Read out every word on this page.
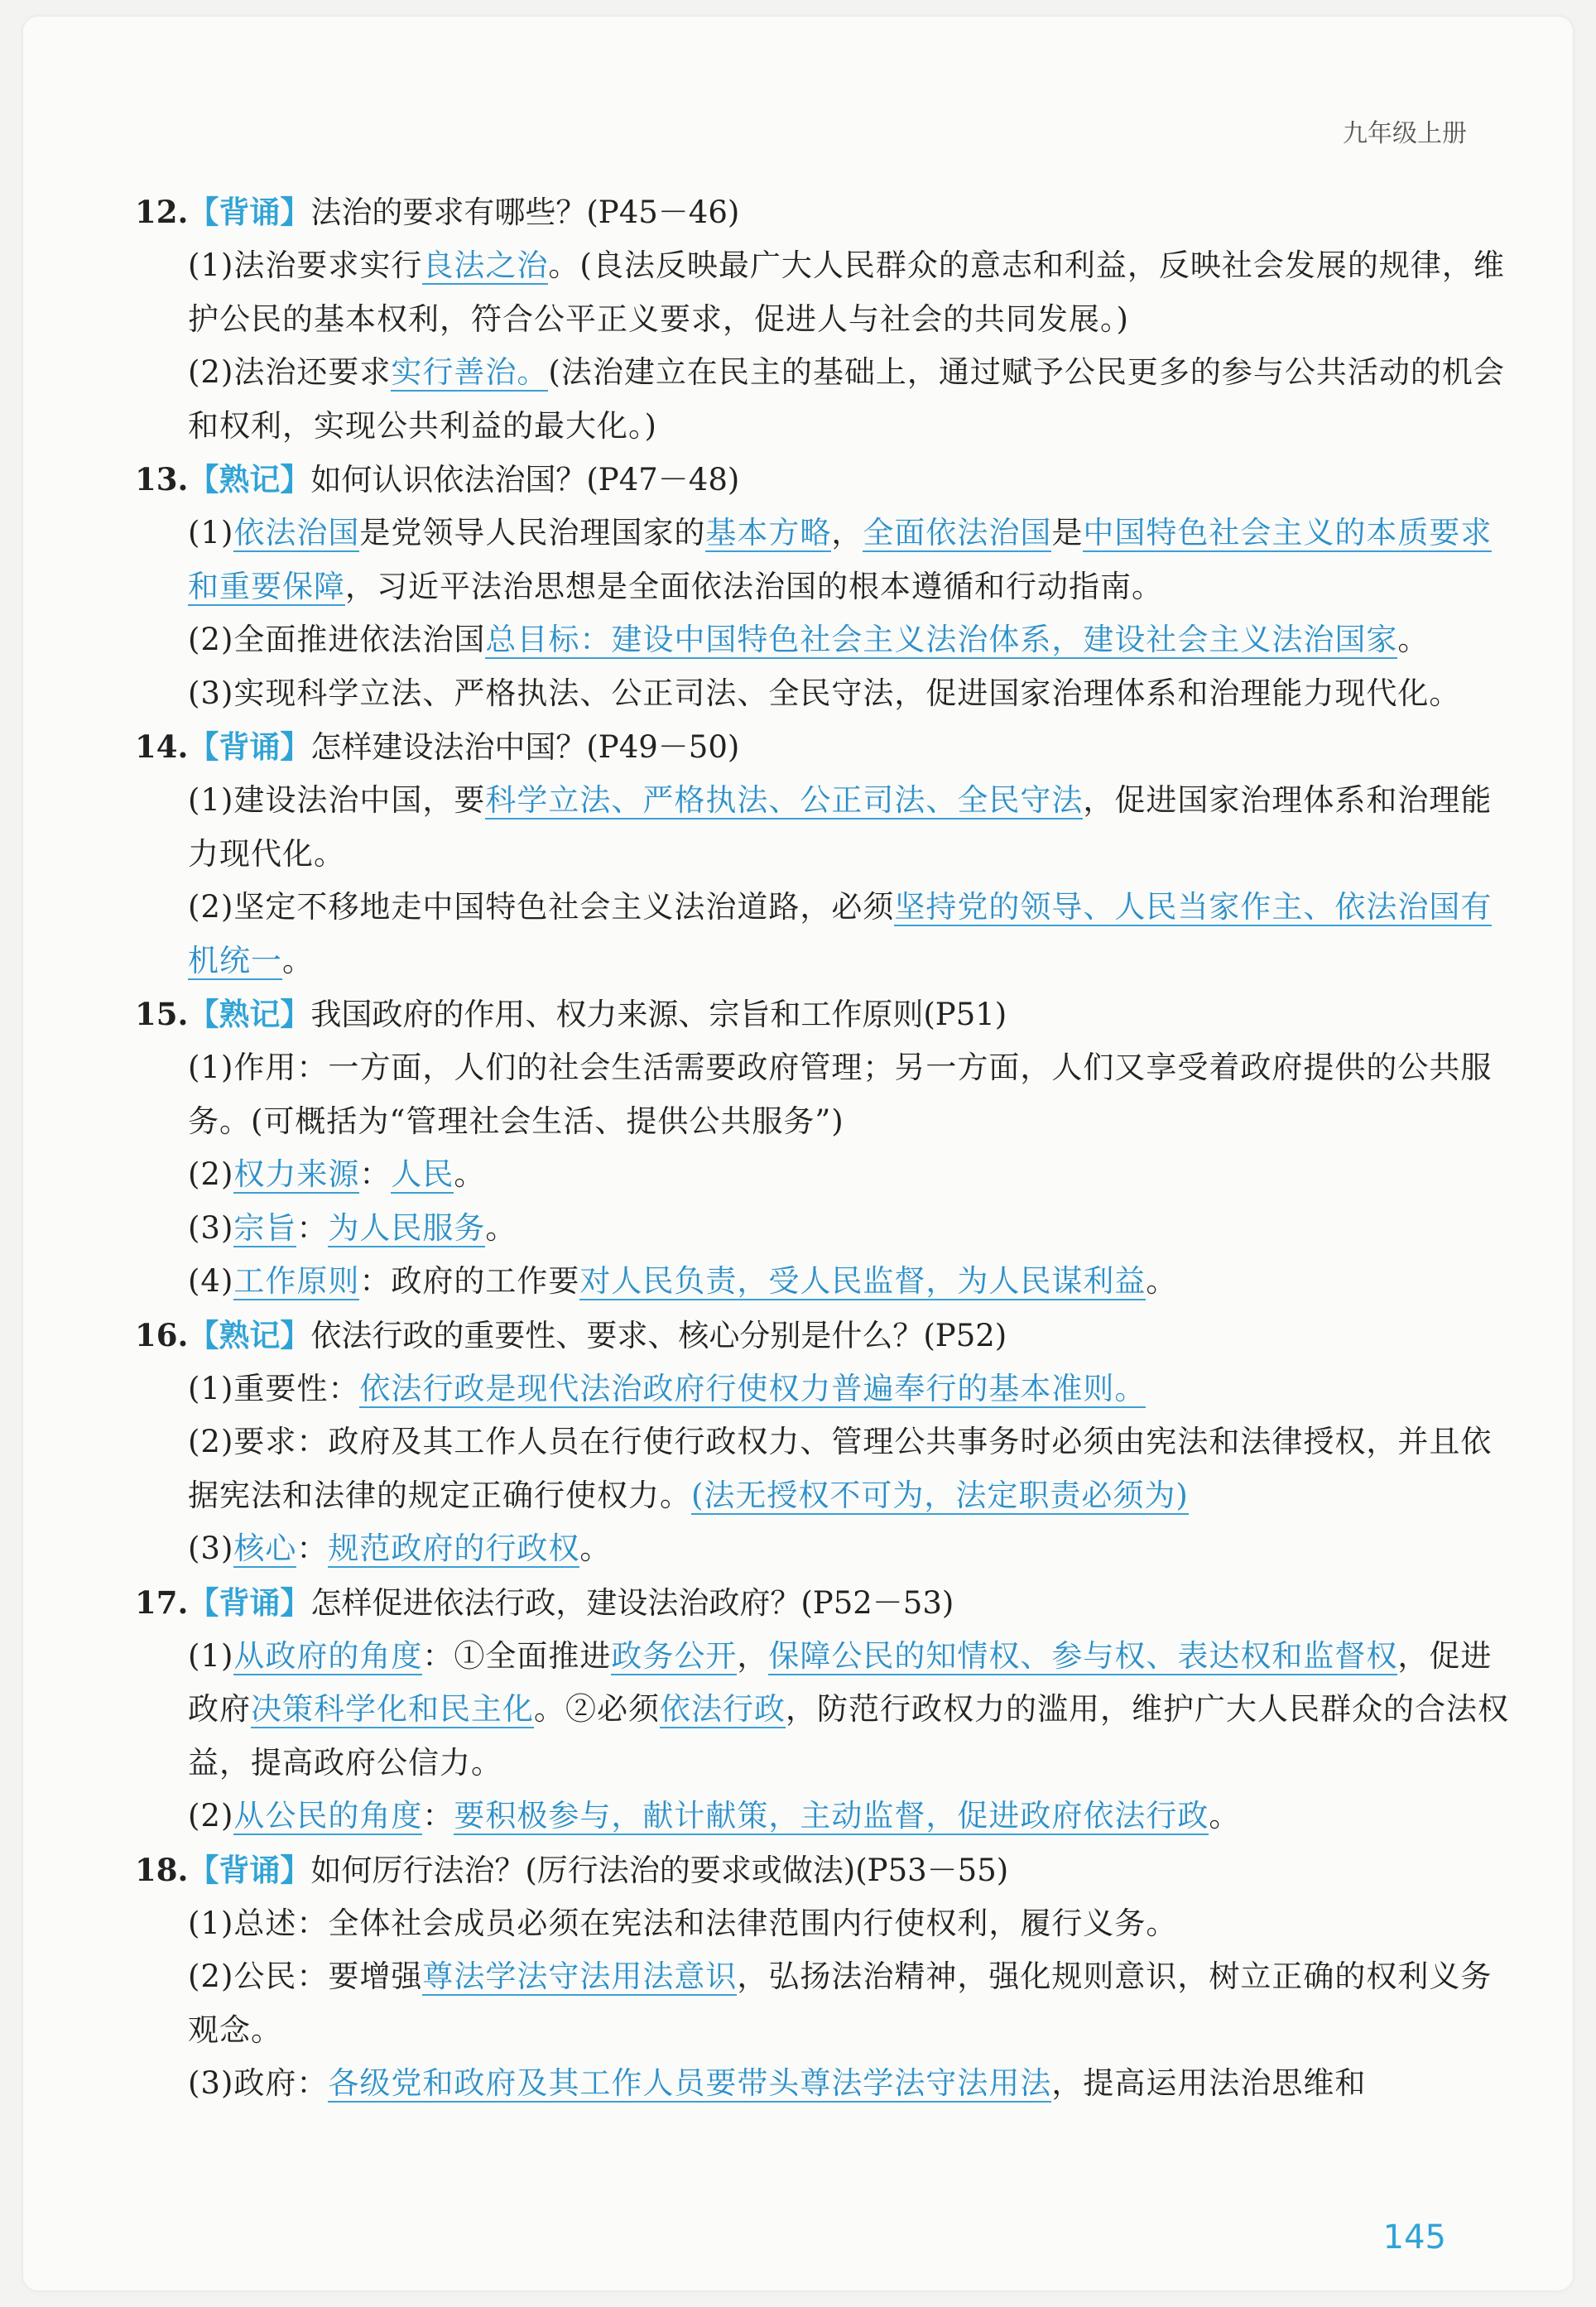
九年级上册
12.【背诵】法治的要求有哪些？(P45－46)
(1)法治要求实行良法之治。(良法反映最广大人民群众的意志和利益，反映社会发展的规律，维护公民的基本权利，符合公平正义要求，促进人与社会的共同发展。)
(2)法治还要求实行善治。(法治建立在民主的基础上，通过赋予公民更多的参与公共活动的机会和权利，实现公共利益的最大化。)
13.【熟记】如何认识依法治国？(P47－48)
(1)依法治国是党领导人民治理国家的基本方略，全面依法治国是中国特色社会主义的本质要求和重要保障，习近平法治思想是全面依法治国的根本遵循和行动指南。
(2)全面推进依法治国总目标：建设中国特色社会主义法治体系，建设社会主义法治国家。
(3)实现科学立法、严格执法、公正司法、全民守法，促进国家治理体系和治理能力现代化。
14.【背诵】怎样建设法治中国？(P49－50)
(1)建设法治中国，要科学立法、严格执法、公正司法、全民守法，促进国家治理体系和治理能力现代化。
(2)坚定不移地走中国特色社会主义法治道路，必须坚持党的领导、人民当家作主、依法治国有机统一。
15.【熟记】我国政府的作用、权力来源、宗旨和工作原则(P51)
(1)作用：一方面，人们的社会生活需要政府管理；另一方面，人们又享受着政府提供的公共服务。(可概括为“管理社会生活、提供公共服务”)
(2)权力来源：人民。
(3)宗旨：为人民服务。
(4)工作原则：政府的工作要对人民负责，受人民监督，为人民谋利益。
16.【熟记】依法行政的重要性、要求、核心分别是什么？(P52)
(1)重要性：依法行政是现代法治政府行使权力普遍奉行的基本准则。
(2)要求：政府及其工作人员在行使行政权力、管理公共事务时必须由宪法和法律授权，并且依据宪法和法律的规定正确行使权力。(法无授权不可为，法定职责必须为)
(3)核心：规范政府的行政权。
17.【背诵】怎样促进依法行政，建设法治政府？(P52－53)
(1)从政府的角度：①全面推进政务公开，保障公民的知情权、参与权、表达权和监督权，促进政府决策科学化和民主化。②必须依法行政，防范行政权力的滥用，维护广大人民群众的合法权益，提高政府公信力。
(2)从公民的角度：要积极参与，献计献策，主动监督，促进政府依法行政。
18.【背诵】如何厉行法治？(厉行法治的要求或做法)(P53－55)
(1)总述：全体社会成员必须在宪法和法律范围内行使权利，履行义务。
(2)公民：要增强尊法学法守法用法意识，弘扬法治精神，强化规则意识，树立正确的权利义务观念。
(3)政府：各级党和政府及其工作人员要带头尊法学法守法用法，提高运用法治思维和
145
